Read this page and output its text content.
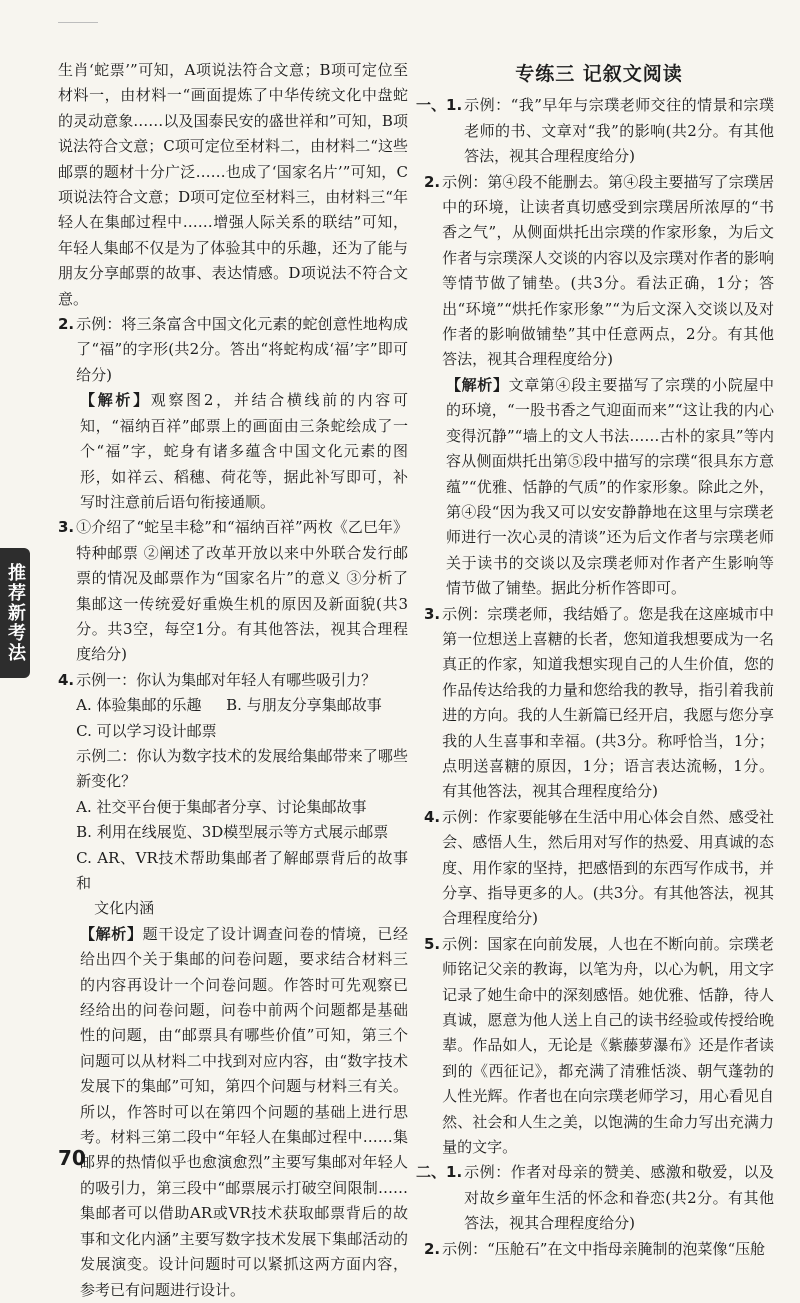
生肖‘蛇票’”可知，A项说法符合文意；B项可定位至材料一，由材料一“画面提炼了中华传统文化中盘蛇的灵动意象……以及国泰民安的盛世祥和”可知，B项说法符合文意；C项可定位至材料二，由材料二“这些邮票的题材十分广泛……也成了‘国家名片’”可知，C项说法符合文意；D项可定位至材料三，由材料三“年轻人在集邮过程中……增强人际关系的联结”可知，年轻人集邮不仅是为了体验其中的乐趣，还为了能与朋友分享邮票的故事、表达情感。D项说法不符合文意。

2. 示例：将三条富含中国文化元素的蛇创意性地构成了“福”的字形(共2分。答出“将蛇构成‘福’字”即可给分)

【解析】观察图2，并结合横线前的内容可知，“福纳百祥”邮票上的画面由三条蛇绘成了一个“福”字，蛇身有诸多蕴含中国文化元素的图形，如祥云、稻穗、荷花等，据此补写即可，补写时注意前后语句衔接通顺。

3. ①介绍了“蛇呈丰稔”和“福纳百祥”两枚《乙巳年》特种邮票 ②阐述了改革开放以来中外联合发行邮票的情况及邮票作为“国家名片”的意义 ③分析了集邮这一传统爱好重焕生机的原因及新面貌(共3分。共3空，每空1分。有其他答法，视其合理程度给分)

4. 示例一：你认为集邮对年轻人有哪些吸引力？

A. 体验集邮的乐趣	B. 与朋友分享集邮故事

C. 可以学习设计邮票

示例二：你认为数字技术的发展给集邮带来了哪些新变化？

A. 社交平台便于集邮者分享、讨论集邮故事

B. 利用在线展览、3D模型展示等方式展示邮票

C. AR、VR技术帮助集邮者了解邮票背后的故事和

文化内涵

【解析】题干设定了设计调查问卷的情境，已经给出四个关于集邮的问卷问题，要求结合材料三的内容再设计一个问卷问题。作答时可先观察已经给出的问卷问题，问卷中前两个问题都是基础性的问题，由“邮票具有哪些价值”可知，第三个问题可以从材料二中找到对应内容，由“数字技术发展下的集邮”可知，第四个问题与材料三有关。所以，作答时可以在第四个问题的基础上进行思考。材料三第二段中“年轻人在集邮过程中……集邮界的热情似乎也愈演愈烈”主要写集邮对年轻人的吸引力，第三段中“邮票展示打破空间限制……集邮者可以借助AR或VR技术获取邮票背后的故事和文化内涵”主要写数字技术发展下集邮活动的发展演变。设计问题时可以紧抓这两方面内容，参考已有问题进行设计。

专练三 记叙文阅读
一、 1. 示例：“我”早年与宗璞老师交往的情景和宗璞老师的书、文章对“我”的影响(共2分。有其他答法，视其合理程度给分)

2. 示例：第④段不能删去。第④段主要描写了宗璞居中的环境，让读者真切感受到宗璞居所浓厚的“书香之气”，从侧面烘托出宗璞的作家形象，为后文作者与宗璞深人交谈的内容以及宗璞对作者的影响等情节做了铺垫。(共3分。看法正确，1分；答出“环境”“烘托作家形象”“为后文深入交谈以及对作者的影响做铺垫”其中任意两点，2分。有其他答法，视其合理程度给分)

【解析】文章第④段主要描写了宗璞的小院屋中的环境，“一股书香之气迎面而来”“这让我的内心变得沉静”“墙上的文人书法……古朴的家具”等内容从侧面烘托出第⑤段中描写的宗璞“很具东方意蕴”“优雅、恬静的气质”的作家形象。除此之外，第④段“因为我又可以安安静静地在这里与宗璞老师进行一次心灵的清谈”还为后文作者与宗璞老师关于读书的交谈以及宗璞老师对作者产生影响等情节做了铺垫。据此分析作答即可。

3. 示例：宗璞老师，我结婚了。您是我在这座城市中第一位想送上喜糖的长者，您知道我想要成为一名真正的作家，知道我想实现自己的人生价值，您的作品传达给我的力量和您给我的教导，指引着我前进的方向。我的人生新篇已经开启，我愿与您分享我的人生喜事和幸福。(共3分。称呼恰当，1分；点明送喜糖的原因，1分；语言表达流畅，1分。有其他答法，视其合理程度给分)

4. 示例：作家要能够在生活中用心体会自然、感受社会、感悟人生，然后用对写作的热爱、用真诚的态度、用作家的坚持，把感悟到的东西写作成书，并分享、指导更多的人。(共3分。有其他答法，视其合理程度给分)

5. 示例：国家在向前发展，人也在不断向前。宗璞老师铭记父亲的教诲，以笔为舟，以心为帆，用文字记录了她生命中的深刻感悟。她优雅、恬静，待人真诚，愿意为他人送上自己的读书经验或传授给晚辈。作品如人，无论是《紫藤萝瀑布》还是作者读到的《西征记》，都充满了清雅恬淡、朝气蓬勃的人性光辉。作者也在向宗璞老师学习，用心看见自然、社会和人生之美，以饱满的生命力写出充满力量的文字。

二、 1. 示例：作者对母亲的赞美、感激和敬爱，以及对故乡童年生活的怀念和眷恋(共2分。有其他答法，视其合理程度给分)

2. 示例：“压舱石”在文中指母亲腌制的泡菜像“压舱

推荐新考法
70
